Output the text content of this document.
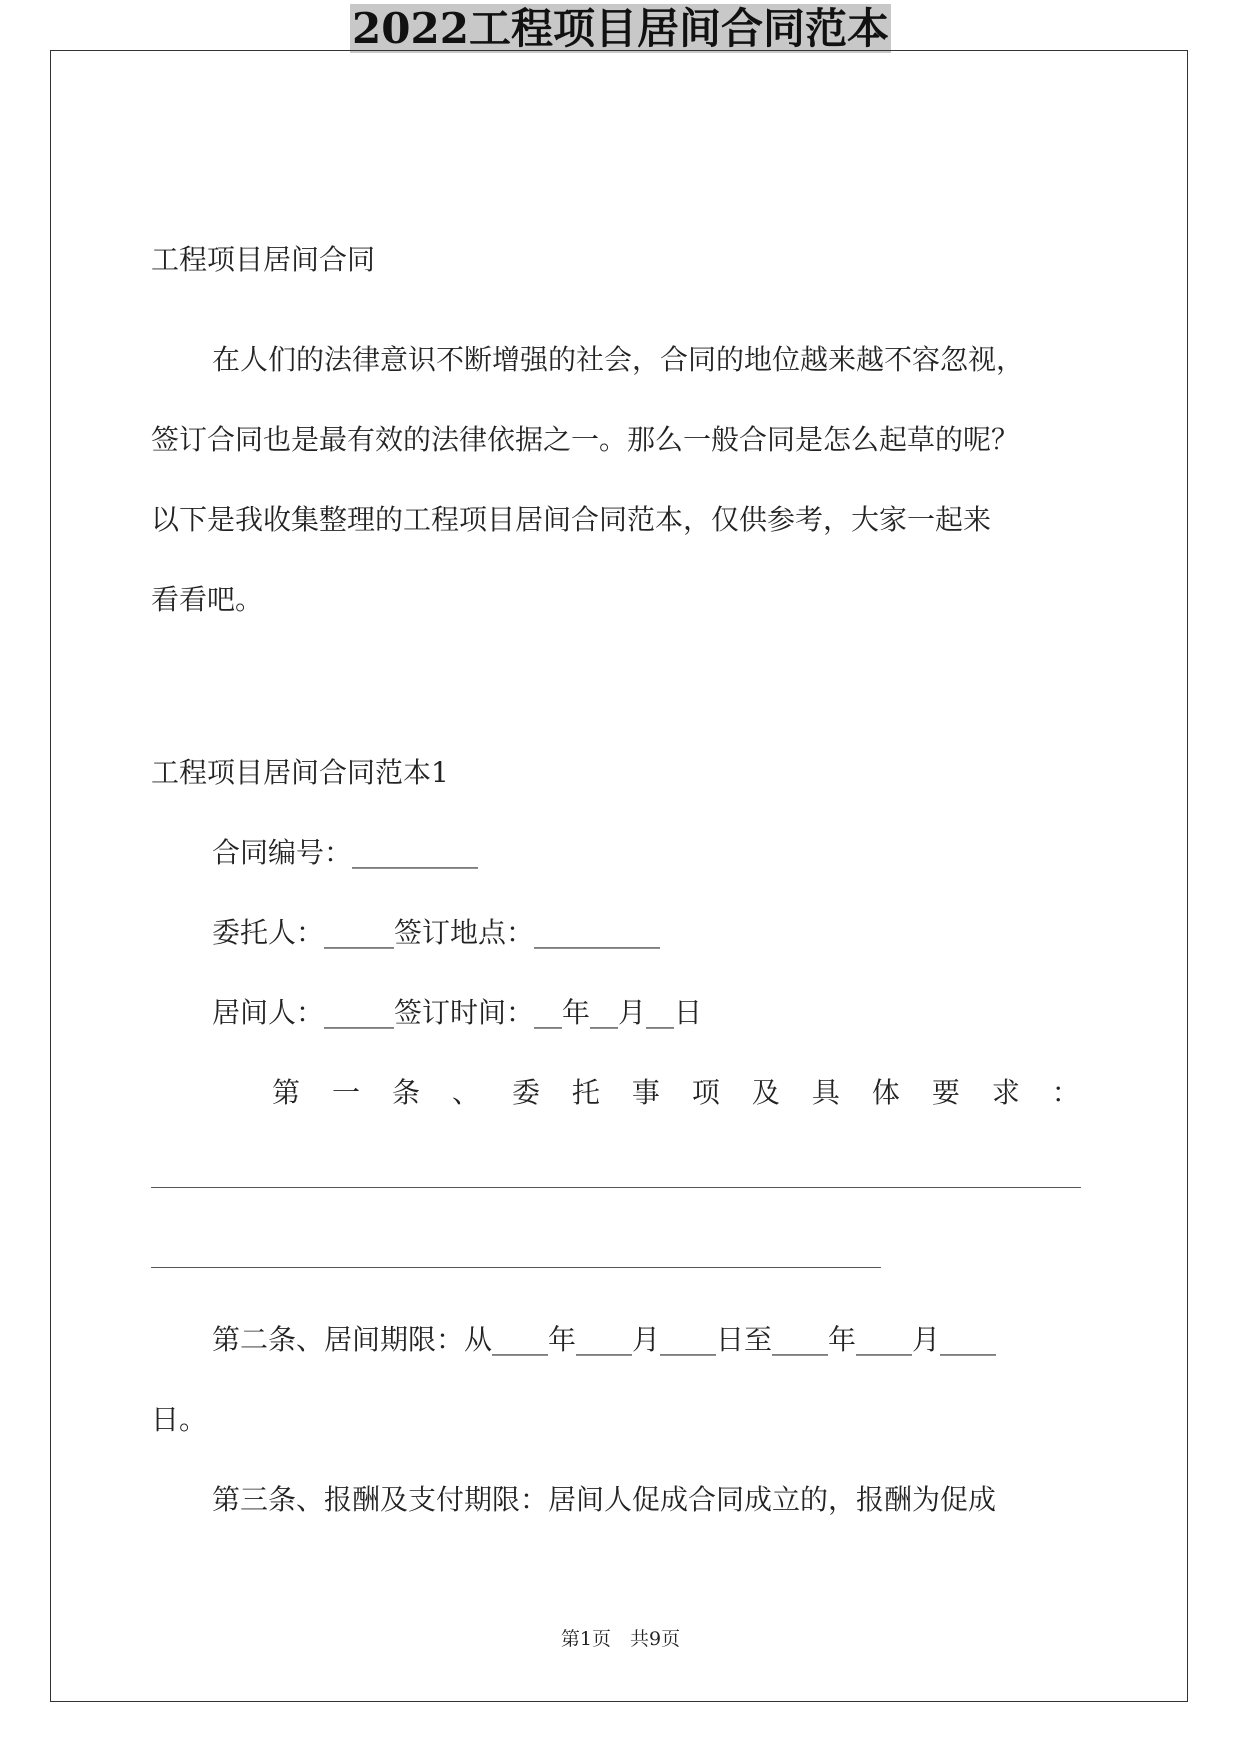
2022工程项目居间合同范本
工程项目居间合同
在人们的法律意识不断增强的社会，合同的地位越来越不容忽视，
签订合同也是最有效的法律依据之一。那么一般合同是怎么起草的呢？
以下是我收集整理的工程项目居间合同范本，仅供参考，大家一起来
看看吧。
工程项目居间合同范本1
合同编号：_________
委托人：_____签订地点：_________
居间人：_____签订时间：__年__月__日
第 一 条 、 委 托 事 项 及 具 体 要 求 ：
第二条、居间期限：从____年____月____日至____年____月____
日。
第三条、报酬及支付期限：居间人促成合同成立的，报酬为促成
第1页　共9页
